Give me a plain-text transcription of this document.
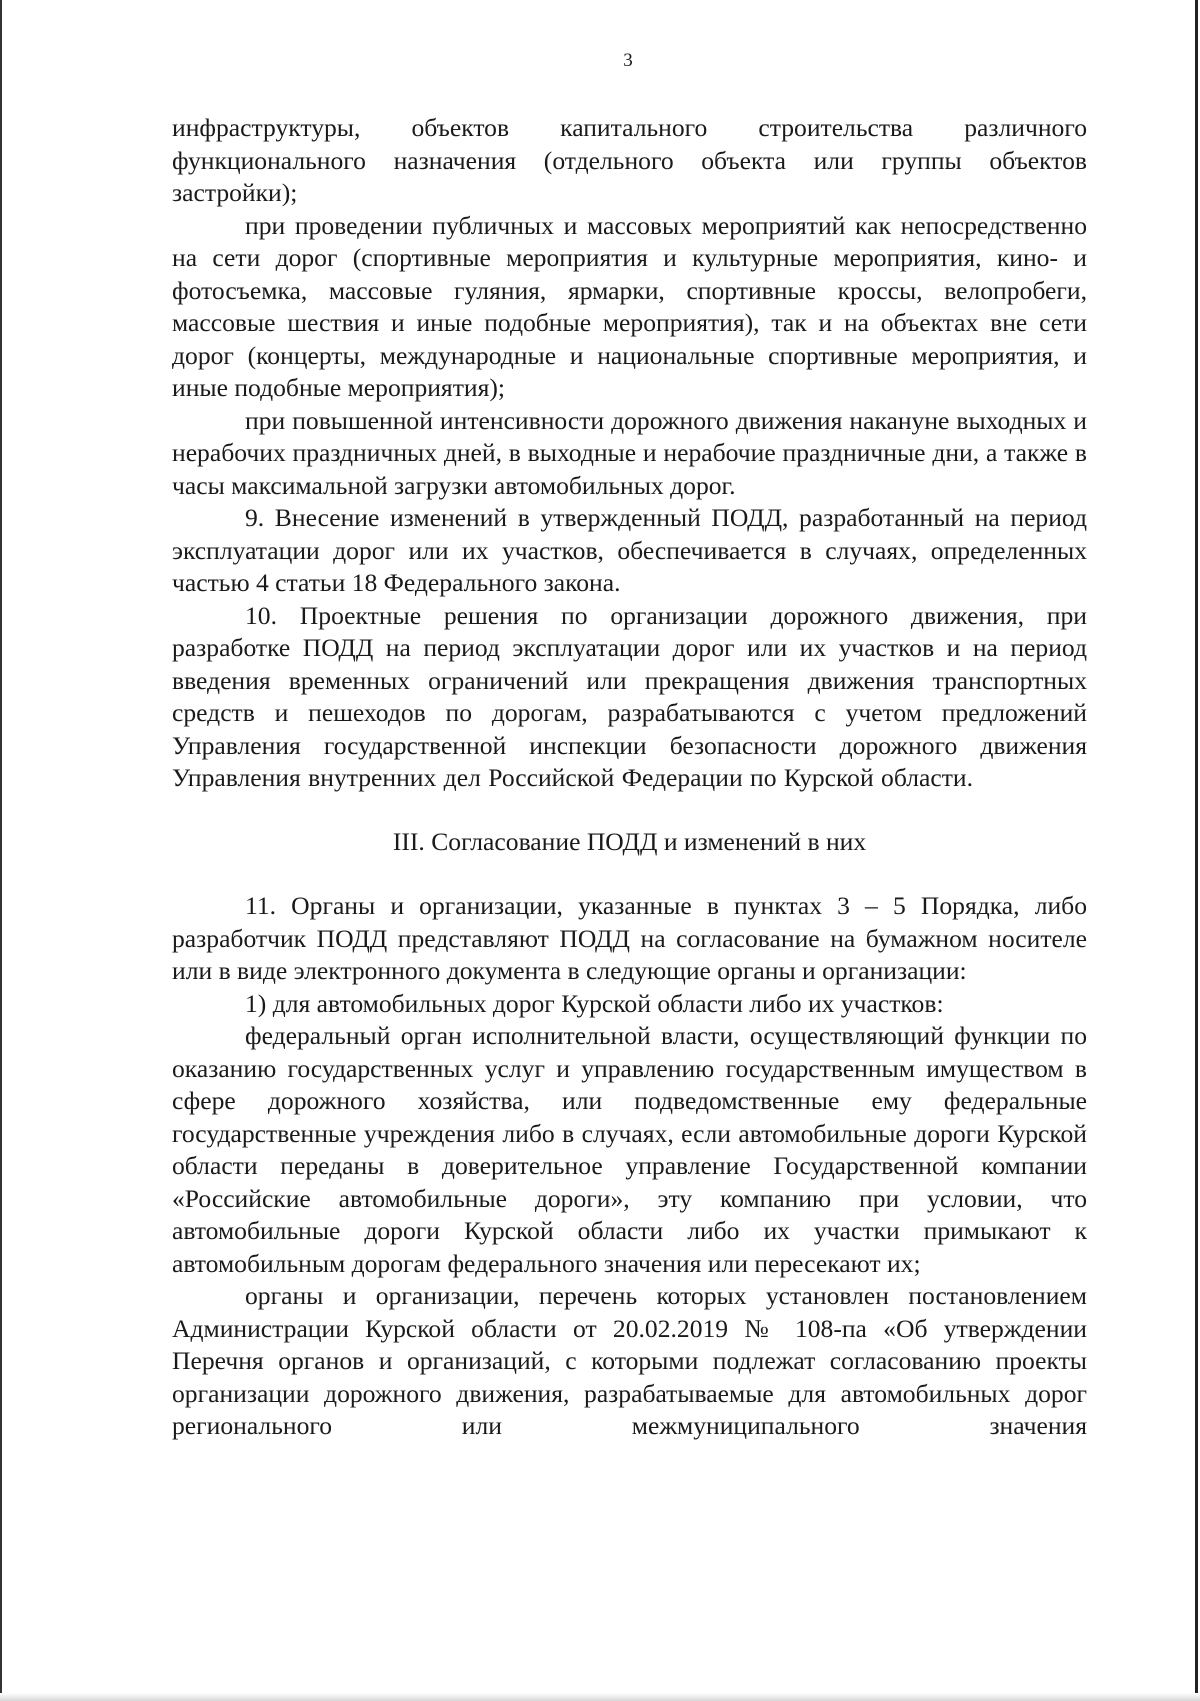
3

инфраструктуры, объектов капитального строительства различного функционального назначения (отдельного объекта или группы объектов застройки);

при проведении публичных и массовых мероприятий как непосредственно на сети дорог (спортивные мероприятия и культурные мероприятия, кино- и фотосъемка, массовые гуляния, ярмарки, спортивные кроссы, велопробеги, массовые шествия и иные подобные мероприятия), так и на объектах вне сети дорог (концерты, международные и национальные спортивные мероприятия, и иные подобные мероприятия);

при повышенной интенсивности дорожного движения накануне выходных и нерабочих праздничных дней, в выходные и нерабочие праздничные дни, а также в часы максимальной загрузки автомобильных дорог.

9. Внесение изменений в утвержденный ПОДД, разработанный на период эксплуатации дорог или их участков, обеспечивается в случаях, определенных частью 4 статьи 18 Федерального закона.

10. Проектные решения по организации дорожного движения, при разработке ПОДД на период эксплуатации дорог или их участков и на период введения временных ограничений или прекращения движения транспортных средств и пешеходов по дорогам, разрабатываются с учетом предложений Управления государственной инспекции безопасности дорожного движения Управления внутренних дел Российской Федерации по Курской области.

III. Согласование ПОДД и изменений в них

11. Органы и организации, указанные в пунктах 3 – 5 Порядка, либо разработчик ПОДД представляют ПОДД на согласование на бумажном носителе или в виде электронного документа в следующие органы и организации:

1) для автомобильных дорог Курской области либо их участков:

федеральный орган исполнительной власти, осуществляющий функции по оказанию государственных услуг и управлению государственным имуществом в сфере дорожного хозяйства, или подведомственные ему федеральные государственные учреждения либо в случаях, если автомобильные дороги Курской области переданы в доверительное управление Государственной компании «Российские автомобильные дороги», эту компанию при условии, что автомобильные дороги Курской области либо их участки примыкают к автомобильным дорогам федерального значения или пересекают их;

органы и организации, перечень которых установлен постановлением Администрации Курской области от 20.02.2019 № 108-па «Об утверждении Перечня органов и организаций, с которыми подлежат согласованию проекты организации дорожного движения, разрабатываемые для автомобильных дорог регионального или межмуниципального значения
